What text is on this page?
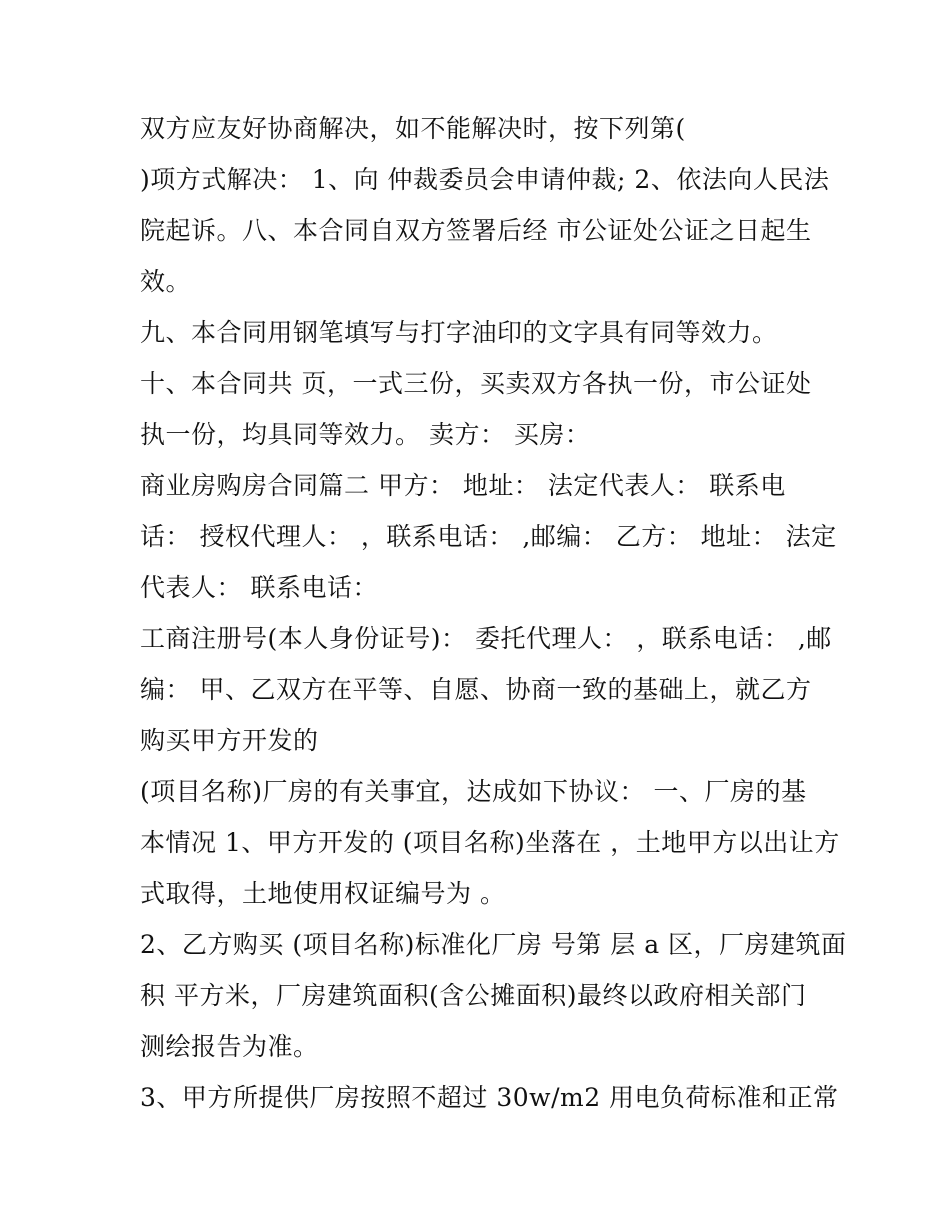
双方应友好协商解决，如不能解决时，按下列第(
)项方式解决： 1、向 仲裁委员会申请仲裁; 2、依法向人民法
院起诉。八、本合同自双方签署后经 市公证处公证之日起生
效。
九、本合同用钢笔填写与打字油印的文字具有同等效力。
十、本合同共 页，一式三份，买卖双方各执一份，市公证处
执一份，均具同等效力。 卖方： 买房：
商业房购房合同篇二 甲方： 地址： 法定代表人： 联系电
话： 授权代理人： ，联系电话： ,邮编： 乙方： 地址： 法定
代表人： 联系电话：
工商注册号(本人身份证号)： 委托代理人： ，联系电话： ,邮
编： 甲、乙双方在平等、自愿、协商一致的基础上，就乙方
购买甲方开发的
(项目名称)厂房的有关事宜，达成如下协议： 一、厂房的基
本情况 1、甲方开发的 (项目名称)坐落在 ，土地甲方以出让方
式取得，土地使用权证编号为 。
2、乙方购买 (项目名称)标准化厂房 号第 层 a 区，厂房建筑面
积 平方米，厂房建筑面积(含公摊面积)最终以政府相关部门
测绘报告为准。
3、甲方所提供厂房按照不超过 30w/m2 用电负荷标准和正常
